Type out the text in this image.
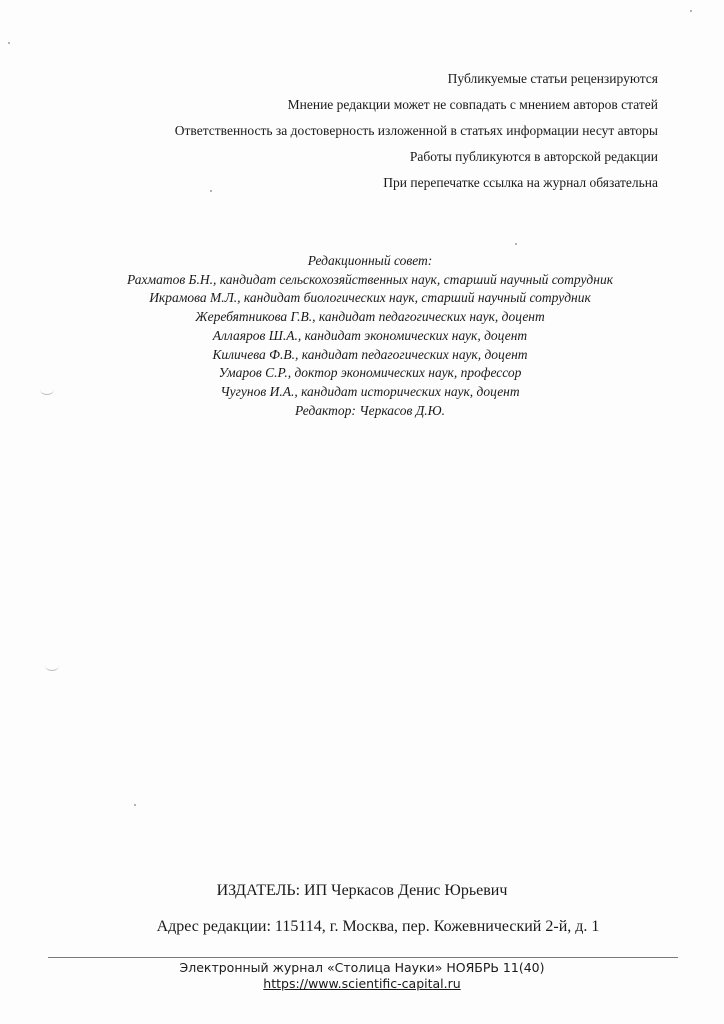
Публикуемые статьи рецензируются
Мнение редакции может не совпадать с мнением авторов статей
Ответственность за достоверность изложенной в статьях информации несут авторы
Работы публикуются в авторской редакции
При перепечатке ссылка на журнал обязательна
Редакционный совет:
Рахматов Б.Н., кандидат сельскохозяйственных наук, старший научный сотрудник
Икрамова М.Л., кандидат биологических наук, старший научный сотрудник
Жеребятникова Г.В., кандидат педагогических наук, доцент
Аллаяров Ш.А., кандидат экономических наук, доцент
Киличева Ф.В., кандидат педагогических наук, доцент
Умаров С.Р., доктор экономических наук, профессор
Чугунов И.А., кандидат исторических наук, доцент
Редактор: Черкасов Д.Ю.
ИЗДАТЕЛЬ: ИП Черкасов Денис Юрьевич
Адрес редакции: 115114, г. Москва, пер. Кожевнический 2-й, д. 1
Электронный журнал «Столица Науки» НОЯБРЬ 11(40)
https://www.scientific-capital.ru
